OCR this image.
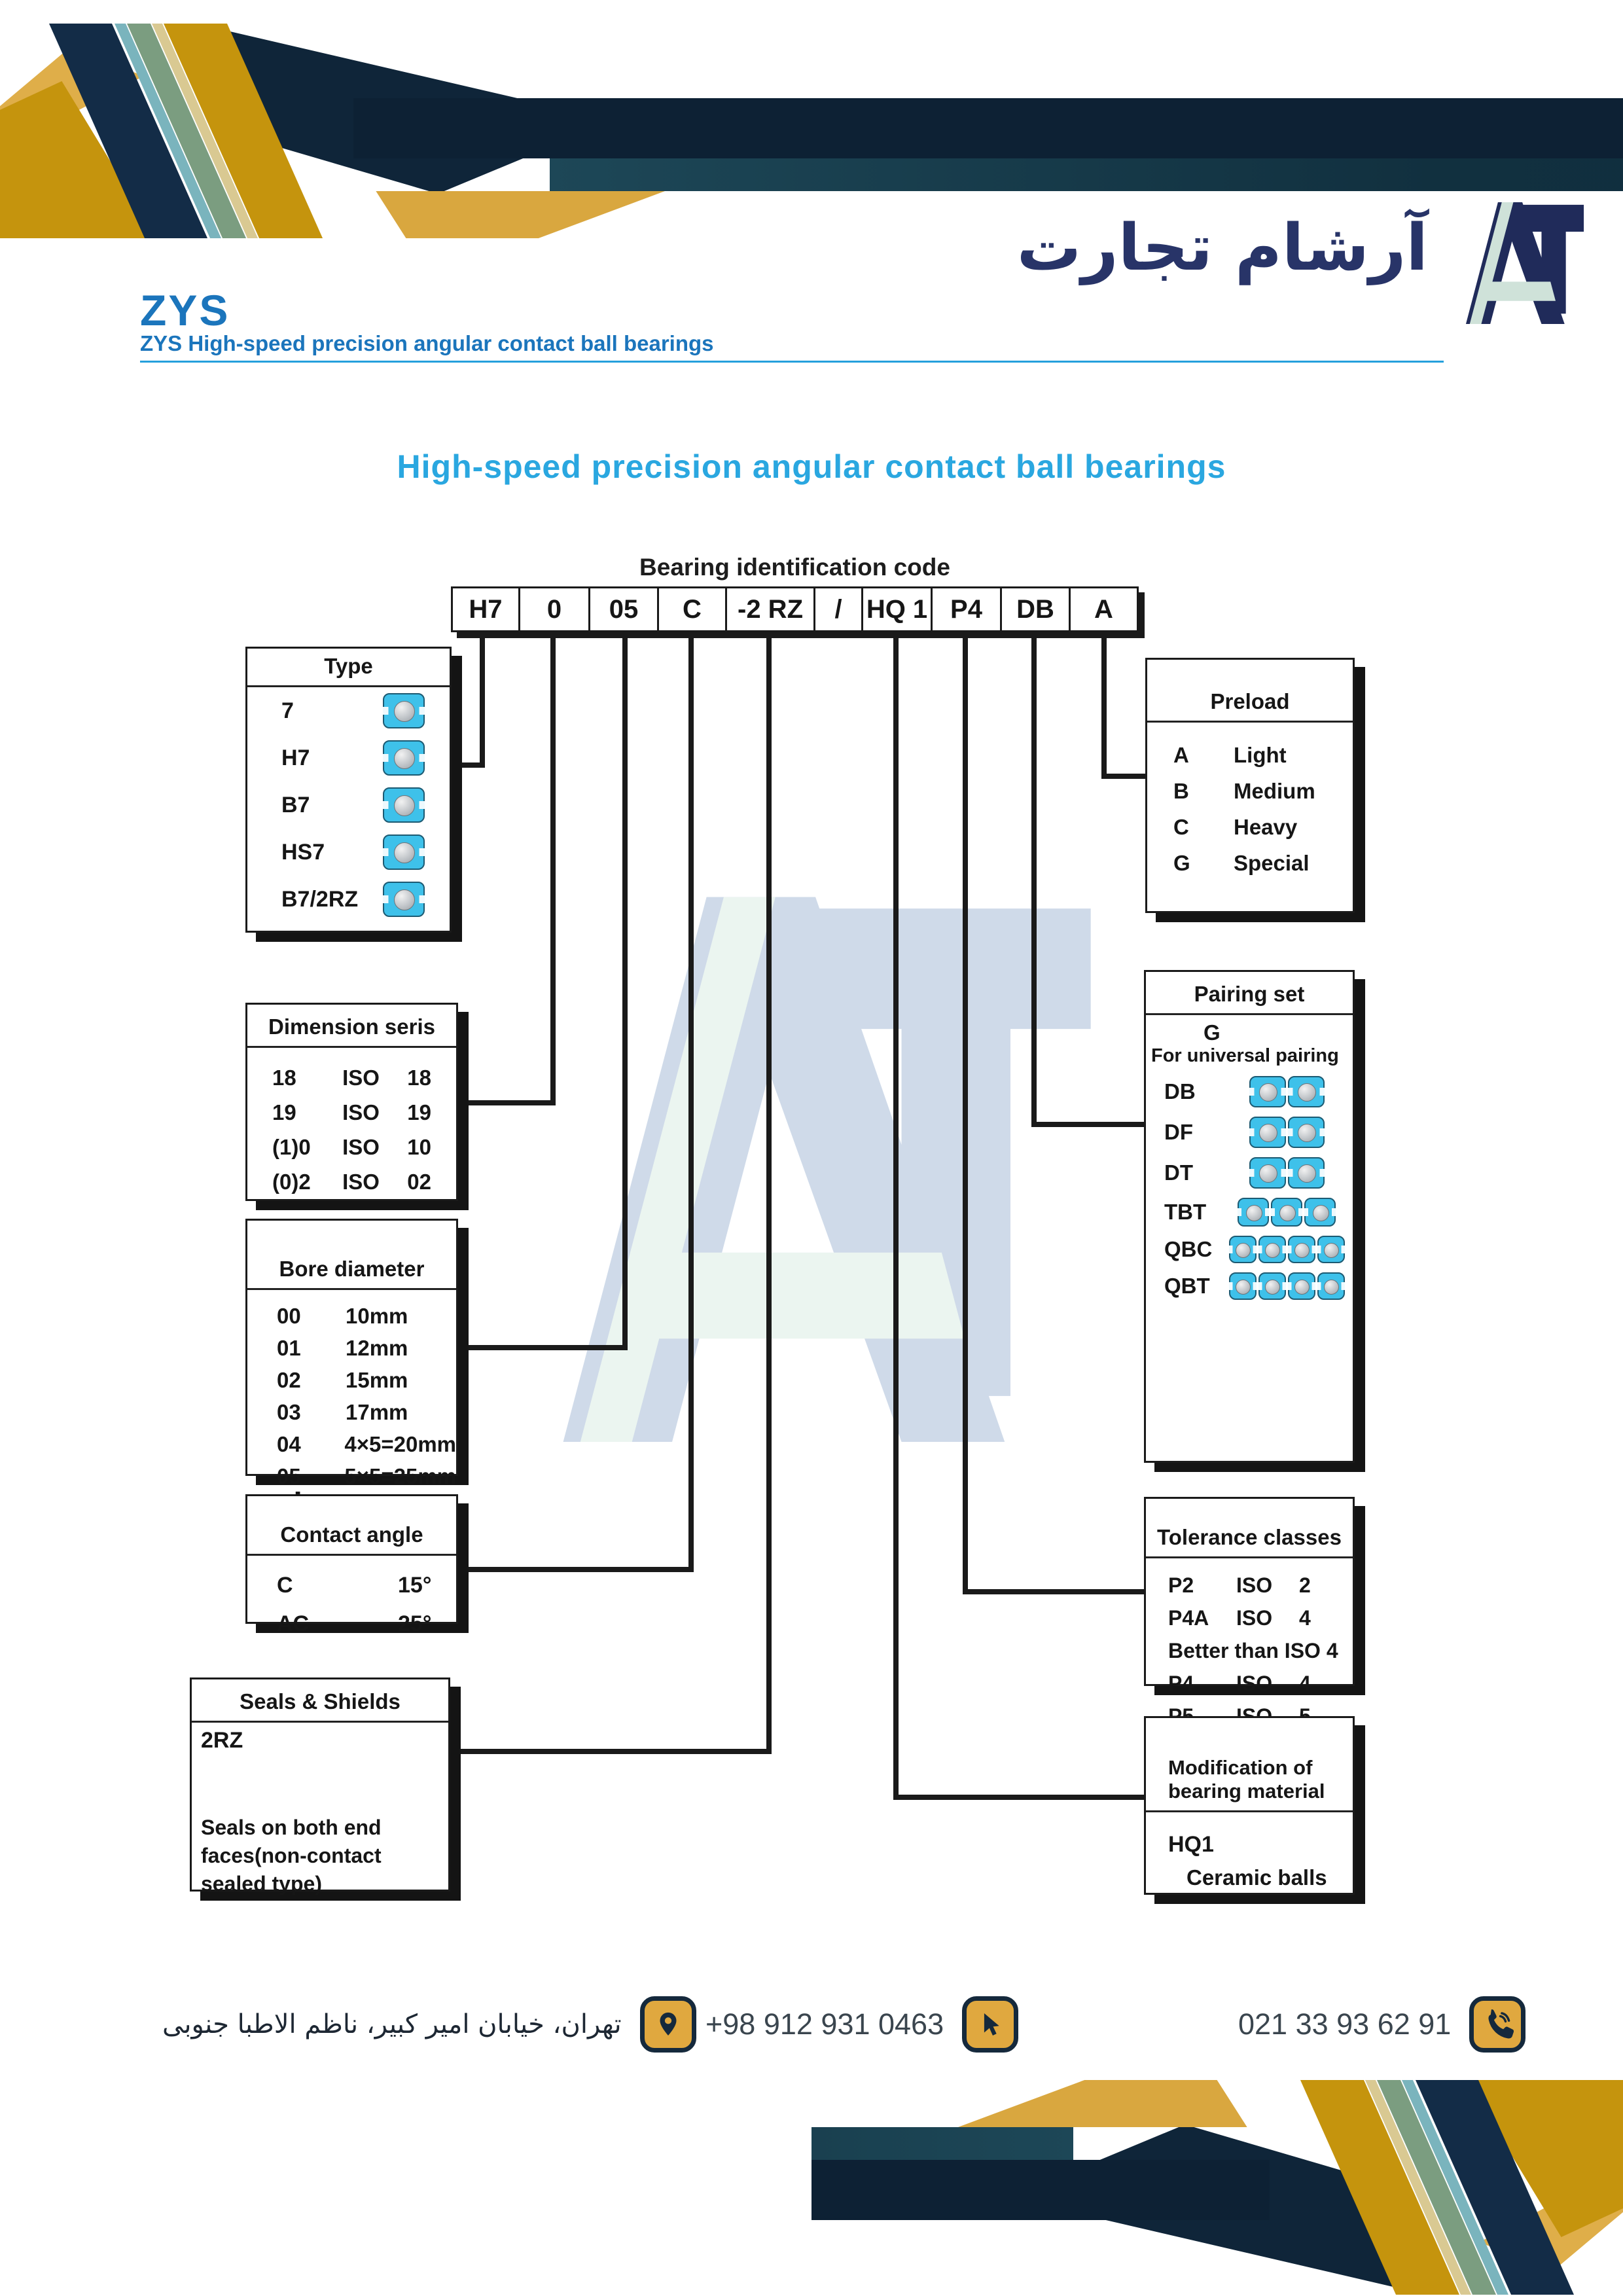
آرشام تجارت
ZYS
ZYS High-speed precision angular contact ball bearings
High-speed precision angular contact ball bearings
Bearing identification code
H7	0	05	C	-2 RZ	/ HQ 1 P4	DB	A
Type
7
H7
B7
HS7
B7/2RZ
Dimension seris
18	ISO	18
19	ISO	19
(1)0	ISO	10
(0)2	ISO	02
Bore diameter
00	10mm
01	12mm
02	15mm
03	17mm
04	4×5=20mm
05	5×5=25mm
Contact angle
C	15°
AC	25°
Seals & Shields
2RZ
Seals on both end faces(non-contact sealed type)
Preload
A	Light
B	Medium
C	Heavy
G	Special
Pairing set
G
For universal pairing
DB
DF
DT
TBT
QBC
QBT
Tolerance classes
P2	ISO	2
P4A	ISO	4
Better than ISO 4
P4	ISO	4
Modification of
bearing material
HQ1
Ceramic balls
تهران، خیابان امیر کبیر، ناظم الاطبا جنوبی	+98 912 931 0463	021 33 93 62 91
